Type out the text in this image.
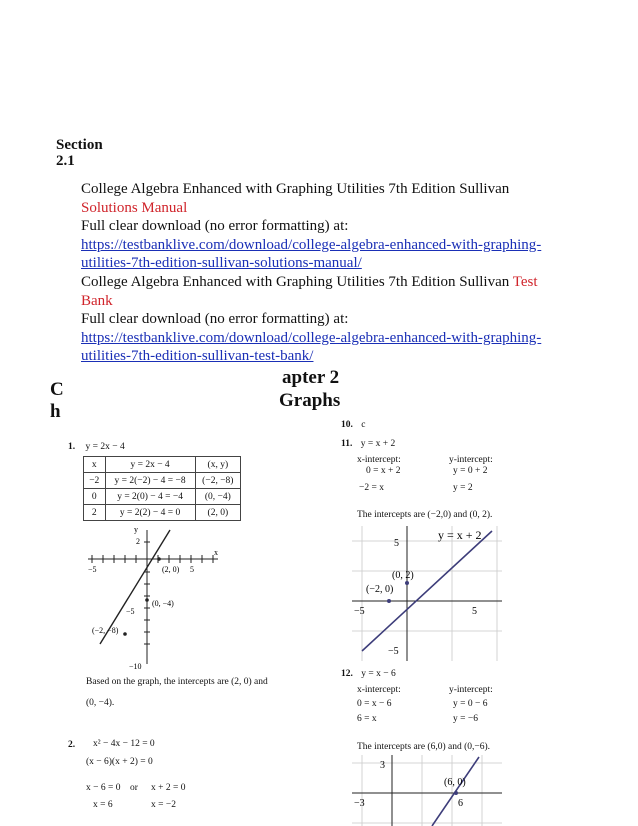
Section
2.1
College Algebra Enhanced with Graphing Utilities 7th Edition Sullivan
Solutions Manual
Full clear download (no error formatting) at:
https://testbanklive.com/download/college-algebra-enhanced-with-graphing-
utilities-7th-edition-sullivan-solutions-manual/
College Algebra Enhanced with Graphing Utilities 7th Edition Sullivan Test
Bank
Full clear download (no error formatting) at:
https://testbanklive.com/download/college-algebra-enhanced-with-graphing-
utilities-7th-edition-sullivan-test-bank/
C
h
apter 2
Graphs
1. y = 2x − 4
x	y = 2x − 4	(x, y)
−2	y = 2(−2) − 4 = −8	(−2, −8)
0	y = 2(0) − 4 = −4	(0, −4)
2	y = 2(2) − 4 = 0	(2, 0)
y
x
2
−5	5
(2, 0)
(0, −4)
−5
(−2, −8)
−10
Based on the graph, the intercepts are (2, 0) and
(0, −4).
2. x² − 4x − 12 = 0
(x − 6)(x + 2) = 0
x − 6 = 0 or x + 2 = 0
x = 6	x = −2
10. c
11. y = x + 2
x-intercept:	y-intercept:
0 = x + 2	y = 0 + 2
−2 = x	y = 2
The intercepts are (−2,0) and (0, 2).
y = x + 2
5
(0, 2)
(−2, 0)
−5	5
−5
12. y = x − 6
x-intercept:	y-intercept:
0 = x − 6	y = 0 − 6
6 = x	y = −6
The intercepts are (6,0) and (0,−6).
3
(6, 0)
−3	6
